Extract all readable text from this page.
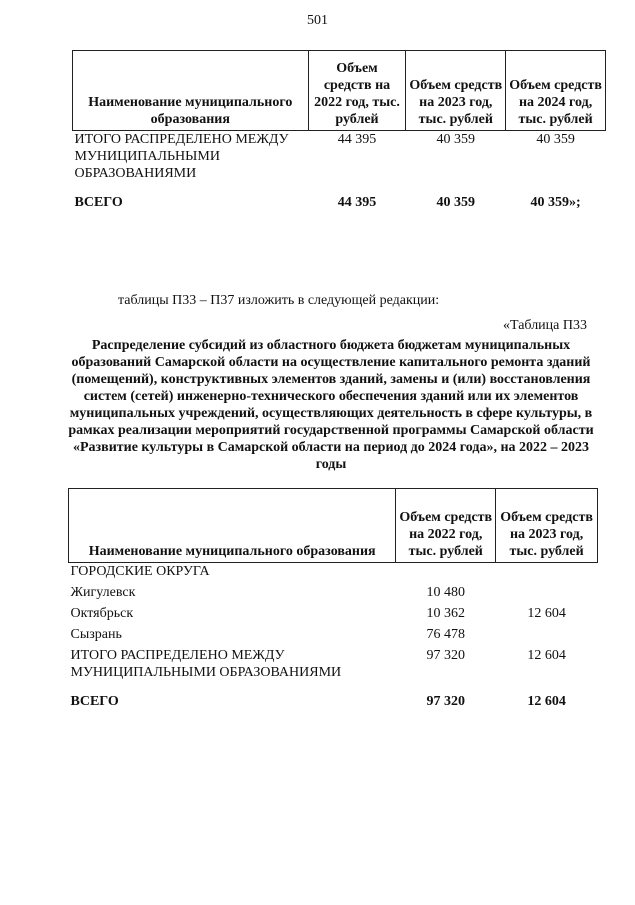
501
Наименование муниципального образования	Объем средств на 2022 год, тыс. рублей	Объем средств на 2023 год, тыс. рублей	Объем средств на 2024 год, тыс. рублей
ИТОГО РАСПРЕДЕЛЕНО МЕЖДУ МУНИЦИПАЛЬНЫМИ ОБРАЗОВАНИЯМИ	44 395	40 359	40 359
ВСЕГО	44 395	40 359	40 359»;
таблицы П33 – П37 изложить в следующей редакции:
«Таблица П33
Распределение субсидий из областного бюджета бюджетам муниципальных образований Самарской области на осуществление капитального ремонта зданий (помещений), конструктивных элементов зданий, замены и (или) восстановления систем (сетей) инженерно-технического обеспечения зданий или их элементов муниципальных учреждений, осуществляющих деятельность в сфере культуры, в рамках реализации мероприятий государственной программы Самарской области «Развитие культуры в Самарской области на период до 2024 года», на 2022 – 2023 годы
Наименование муниципального образования	Объем средств на 2022 год, тыс. рублей	Объем средств на 2023 год, тыс. рублей
ГОРОДСКИЕ ОКРУГА		
Жигулевск	10 480	
Октябрьск	10 362	12 604
Сызрань	76 478	
ИТОГО РАСПРЕДЕЛЕНО МЕЖДУ МУНИЦИПАЛЬНЫМИ ОБРАЗОВАНИЯМИ	97 320	12 604
ВСЕГО	97 320	12 604
